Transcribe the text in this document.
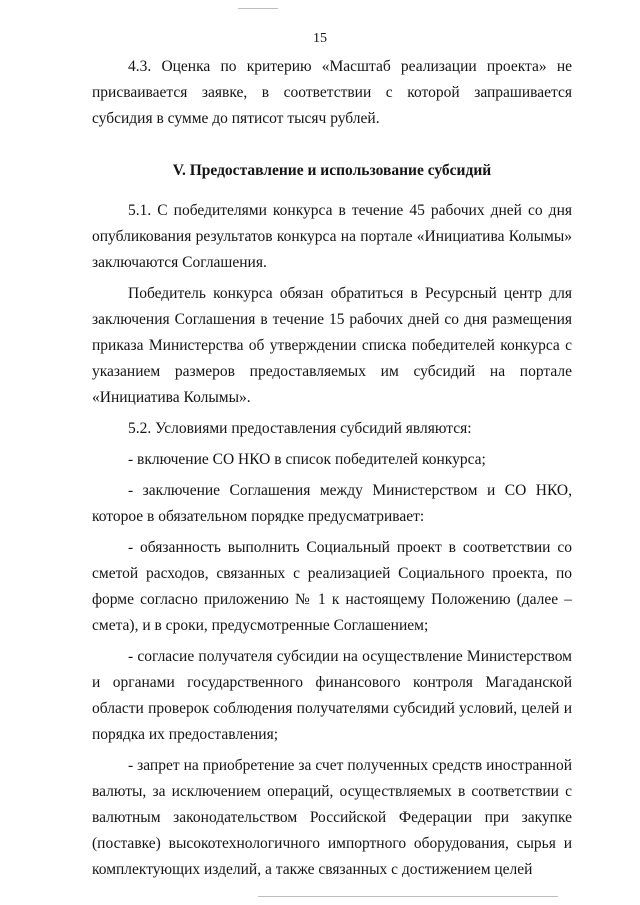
15

4.3. Оценка по критерию «Масштаб реализации проекта» не присваивается заявке, в соответствии с которой запрашивается субсидия в сумме до пятисот тысяч рублей.

V. Предоставление и использование субсидий

5.1. С победителями конкурса в течение 45 рабочих дней со дня опубликования результатов конкурса на портале «Инициатива Колымы» заключаются Соглашения.

Победитель конкурса обязан обратиться в Ресурсный центр для заключения Соглашения в течение 15 рабочих дней со дня размещения приказа Министерства об утверждении списка победителей конкурса с указанием размеров предоставляемых им субсидий на портале «Инициатива Колымы».

5.2. Условиями предоставления субсидий являются:

- включение СО НКО в список победителей конкурса;

- заключение Соглашения между Министерством и СО НКО, которое в обязательном порядке предусматривает:

- обязанность выполнить Социальный проект в соответствии со сметой расходов, связанных с реализацией Социального проекта, по форме согласно приложению № 1 к настоящему Положению (далее – смета), и в сроки, предусмотренные Соглашением;

- согласие получателя субсидии на осуществление Министерством и органами государственного финансового контроля Магаданской области проверок соблюдения получателями субсидий условий, целей и порядка их предоставления;

- запрет на приобретение за счет полученных средств иностранной валюты, за исключением операций, осуществляемых в соответствии с валютным законодательством Российской Федерации при закупке (поставке) высокотехнологичного импортного оборудования, сырья и комплектующих изделий, а также связанных с достижением целей
